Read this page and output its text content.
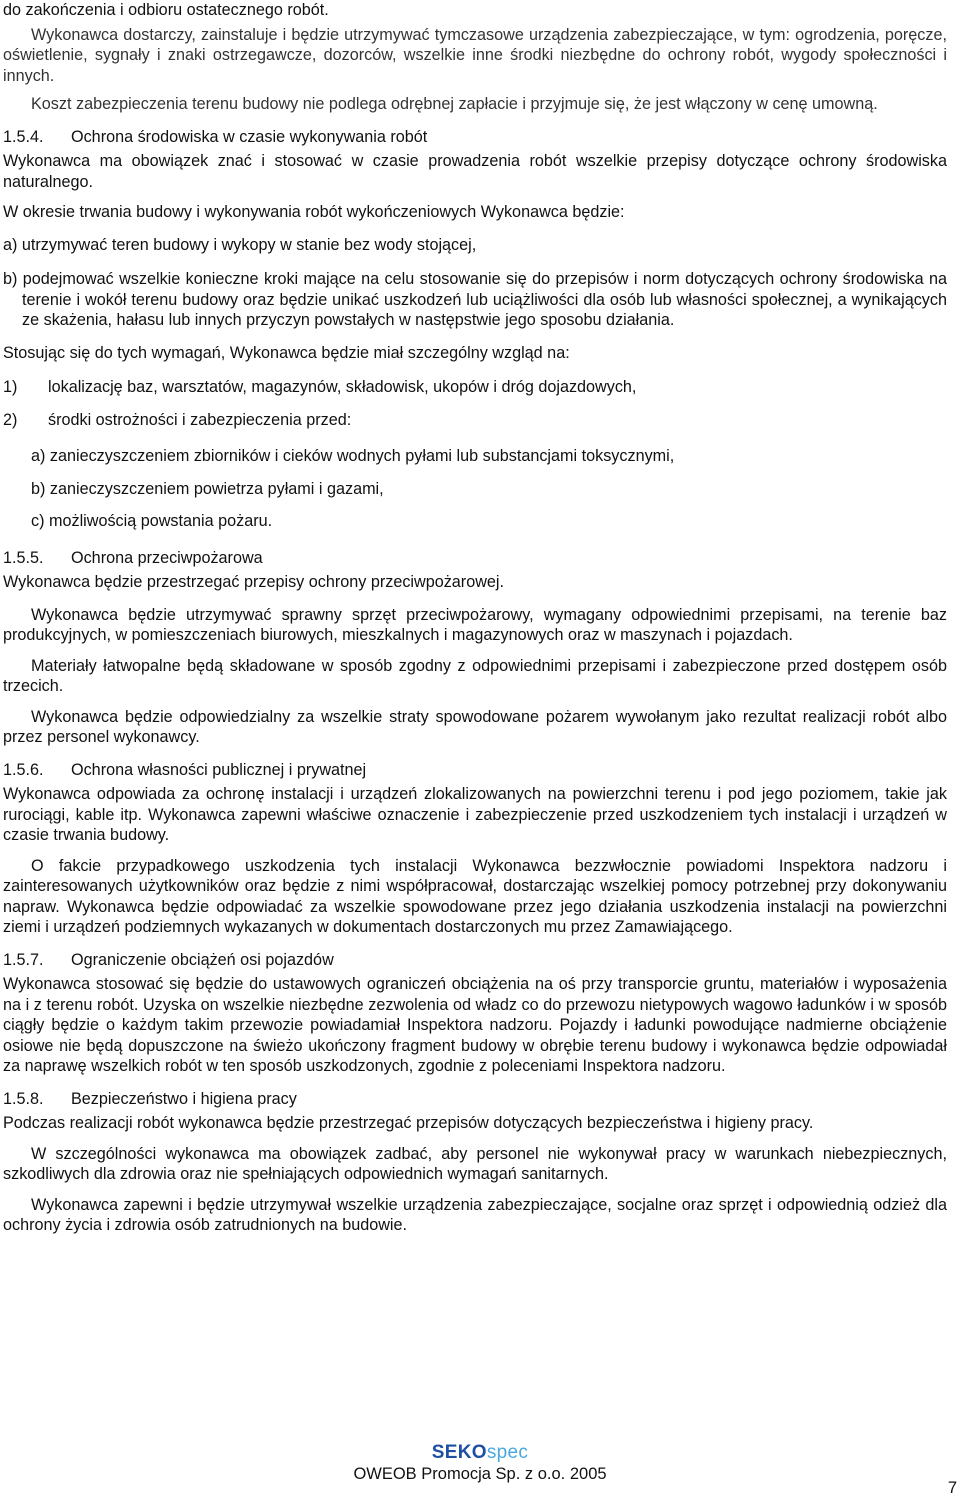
do zakończenia i odbioru ostatecznego robót.

Wykonawca dostarczy, zainstaluje i będzie utrzymywać tymczasowe urządzenia zabezpieczające, w tym: ogrodzenia, poręcze, oświetlenie, sygnały i znaki ostrzegawcze, dozorców, wszelkie inne środki niezbędne do ochrony robót, wygody społeczności i innych.

Koszt zabezpieczenia terenu budowy nie podlega odrębnej zapłacie i przyjmuje się, że jest włączony w cenę umowną.

1.5.4.	Ochrona środowiska w czasie wykonywania robót

Wykonawca ma obowiązek znać i stosować w czasie prowadzenia robót wszelkie przepisy dotyczące ochrony środowiska naturalnego.

W okresie trwania budowy i wykonywania robót wykończeniowych Wykonawca będzie:

a) utrzymywać teren budowy i wykopy w stanie bez wody stojącej,

b) podejmować wszelkie konieczne kroki mające na celu stosowanie się do przepisów i norm dotyczących ochrony środowiska na terenie i wokół terenu budowy oraz będzie unikać uszkodzeń lub uciążliwości dla osób lub własności społecznej, a wynikających ze skażenia, hałasu lub innych przyczyn powstałych w następstwie jego sposobu działania.

Stosując się do tych wymagań, Wykonawca będzie miał szczególny wzgląd na:

1)	lokalizację baz, warsztatów, magazynów, składowisk, ukopów i dróg dojazdowych,
2)	środki ostrożności i zabezpieczenia przed:

a) zanieczyszczeniem zbiorników i cieków wodnych pyłami lub substancjami toksycznymi,

b) zanieczyszczeniem powietrza pyłami i gazami,

c) możliwością powstania pożaru.

1.5.5.	Ochrona przeciwpożarowa

Wykonawca będzie przestrzegać przepisy ochrony przeciwpożarowej.

Wykonawca będzie utrzymywać sprawny sprzęt przeciwpożarowy, wymagany odpowiednimi przepisami, na terenie baz produkcyjnych, w pomieszczeniach biurowych, mieszkalnych i magazynowych oraz w maszynach i pojazdach.

Materiały łatwopalne będą składowane w sposób zgodny z odpowiednimi przepisami i zabezpieczone przed dostępem osób trzecich.

Wykonawca będzie odpowiedzialny za wszelkie straty spowodowane pożarem wywołanym jako rezultat realizacji robót albo przez personel wykonawcy.

1.5.6.	Ochrona własności publicznej i prywatnej

Wykonawca odpowiada za ochronę instalacji i urządzeń zlokalizowanych na powierzchni terenu i pod jego poziomem, takie jak rurociągi, kable itp. Wykonawca zapewni właściwe oznaczenie i zabezpieczenie przed uszkodzeniem tych instalacji i urządzeń w czasie trwania budowy.

O fakcie przypadkowego uszkodzenia tych instalacji Wykonawca bezzwłocznie powiadomi Inspektora nadzoru i zainteresowanych użytkowników oraz będzie z nimi współpracował, dostarczając wszelkiej pomocy potrzebnej przy dokonywaniu napraw. Wykonawca będzie odpowiadać za wszelkie spowodowane przez jego działania uszkodzenia instalacji na powierzchni ziemi i urządzeń podziemnych wykazanych w dokumentach dostarczonych mu przez Zamawiającego.

1.5.7.	Ograniczenie obciążeń osi pojazdów

Wykonawca stosować się będzie do ustawowych ograniczeń obciążenia na oś przy transporcie gruntu, materiałów i wyposażenia na i z terenu robót. Uzyska on wszelkie niezbędne zezwolenia od władz co do przewozu nietypowych wagowo ładunków i w sposób ciągły będzie o każdym takim przewozie powiadamiał Inspektora nadzoru. Pojazdy i ładunki powodujące nadmierne obciążenie osiowe nie będą dopuszczone na świeżo ukończony fragment budowy w obrębie terenu budowy i wykonawca będzie odpowiadał za naprawę wszelkich robót w ten sposób uszkodzonych, zgodnie z poleceniami Inspektora nadzoru.

1.5.8.	Bezpieczeństwo i higiena pracy

Podczas realizacji robót wykonawca będzie przestrzegać przepisów dotyczących bezpieczeństwa i higieny pracy.

W szczególności wykonawca ma obowiązek zadbać, aby personel nie wykonywał pracy w warunkach niebezpiecznych, szkodliwych dla zdrowia oraz nie spełniających odpowiednich wymagań sanitarnych.

Wykonawca zapewni i będzie utrzymywał wszelkie urządzenia zabezpieczające, socjalne oraz sprzęt i odpowiednią odzież dla ochrony życia i zdrowia osób zatrudnionych na budowie.

SEKOspec
OWEOB Promocja Sp. z o.o. 2005
7
